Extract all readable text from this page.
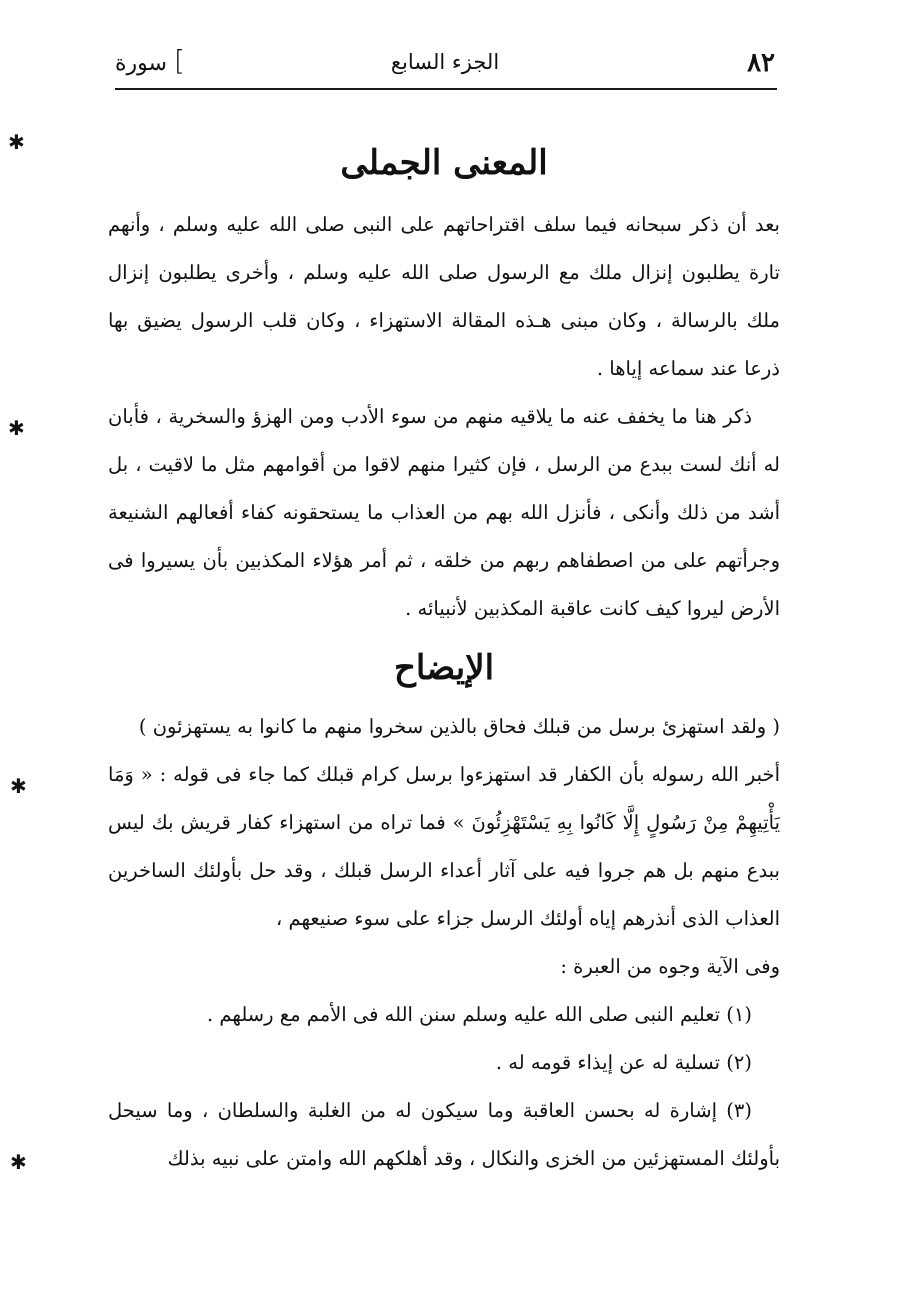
٨٢
الجزء السابع
] سورة
✱
✱
✱
✱
المعنى الجملى

بعد أن ذكر سبحانه فيما سلف اقتراحاتهم على النبى صلى الله عليه وسلم ، وأنهم تارة يطلبون إنزال ملك مع الرسول صلى الله عليه وسلم ، وأخرى يطلبون إنزال ملك بالرسالة ، وكان مبنى هـذه المقالة الاستهزاء ، وكان قلب الرسول يضيق بها ذرعا عند سماعه إياها .

ذكر هنا ما يخفف عنه ما يلاقيه منهم من سوء الأدب ومن الهزؤ والسخرية ، فأبان له أنك لست ببدع من الرسل ، فإن كثيرا منهم لاقوا من أقوامهم مثل ما لاقيت ، بل أشد من ذلك وأنكى ، فأنزل الله بهم من العذاب ما يستحقونه كفاء أفعالهم الشنيعة وجرأتهم على من اصطفاهم ربهم من خلقه ، ثم أمر هؤلاء المكذبين بأن يسيروا فى الأرض ليروا كيف كانت عاقبة المكذبين لأنبيائه .

الإيضاح

( ولقد استهزئ برسل من قبلك فحاق بالذين سخروا منهم ما كانوا به يستهزئون )

أخبر الله رسوله بأن الكفار قد استهزءوا برسل كرام قبلك كما جاء فى قوله : « وَمَا يَأْتِيهِمْ مِنْ رَسُولٍ إِلَّا كَانُوا بِهِ يَسْتَهْزِئُونَ » فما تراه من استهزاء كفار قريش بك ليس ببدع منهم بل هم جروا فيه على آثار أعداء الرسل قبلك ، وقد حل بأولئك الساخرين العذاب الذى أنذرهم إياه أولئك الرسل جزاء على سوء صنيعهم ،

وفى الآية وجوه من العبرة :

(١) تعليم النبى صلى الله عليه وسلم سنن الله فى الأمم مع رسلهم .

(٢) تسلية له عن إيذاء قومه له .

(٣) إشارة له بحسن العاقبة وما سيكون له من الغلبة والسلطان ، وما سيحل بأولئك المستهزئين من الخزى والنكال ، وقد أهلكهم الله وامتن على نبيه بذلك
